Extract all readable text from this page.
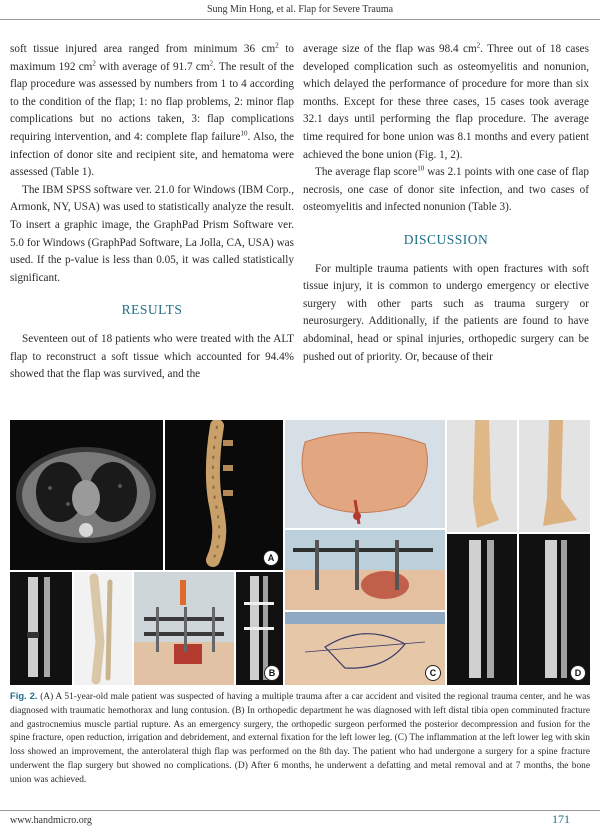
Sung Min Hong, et al. Flap for Severe Trauma

soft tissue injured area ranged from minimum 36 $cm^2$ to maximum 192 $cm^2$ with average of 91.7 $cm^2$. The result of the flap procedure was assessed by numbers from 1 to 4 according to the condition of the flap; 1: no flap problems, 2: minor flap complications but no actions taken, 3: flap complications requiring intervention, and 4: complete flap failure$^{10}$. Also, the infection of donor site and recipient site, and hematoma were assessed (Table 1).

The IBM SPSS software ver. 21.0 for Windows (IBM Corp., Armonk, NY, USA) was used to statistically analyze the result. To insert a graphic image, the GraphPad Prism Software ver. 5.0 for Windows (GraphPad Software, La Jolla, CA, USA) was used. If the p-value is less than 0.05, it was called statistically significant.

RESULTS

Seventeen out of 18 patients who were treated with the ALT flap to reconstruct a soft tissue which accounted for 94.4% showed that the flap was survived, and the

average size of the flap was 98.4 $cm^2$. Three out of 18 cases developed complication such as osteomyelitis and nonunion, which delayed the performance of procedure for more than six months. Except for these three cases, 15 cases took average 32.1 days until performing the flap procedure. The average time required for bone union was 8.1 months and every patient achieved the bone union (Fig. 1, 2).

The average flap score$^{10}$ was 2.1 points with one case of flap necrosis, one case of donor site infection, and two cases of osteomyelitis and infected nonunion (Table 3).

DISCUSSION

For multiple trauma patients with open fractures with soft tissue injury, it is common to undergo emergency or elective surgery with other parts such as trauma surgery or neurosurgery. Additionally, if the patients are found to have abdominal, head or spinal injuries, orthopedic surgery can be pushed out of priority. Or, because of their

A
B	C	D
Fig. 2. (A) A 51-year-old male patient was suspected of having a multiple trauma after a car accident and visited the regional trauma center, and he was diagnosed with traumatic hemothorax and lung contusion. (B) In orthopedic department he was diagnosed with left distal tibia open comminuted fracture and gastrocnemius muscle partial rupture. As an emergency surgery, the orthopedic surgeon performed the posterior decompression and fusion for the spine fracture, open reduction, irrigation and debridement, and external fixation for the left lower leg. (C) The inflammation at the left lower leg with skin loss showed an improvement, the anterolateral thigh flap was performed on the 8th day. The patient who had undergone a surgery for a spine fracture underwent the flap surgery but showed no complications. (D) After 6 months, he underwent a defatting and metal removal and at 7 months, the bone union was achieved.
www.handmicro.org	171
